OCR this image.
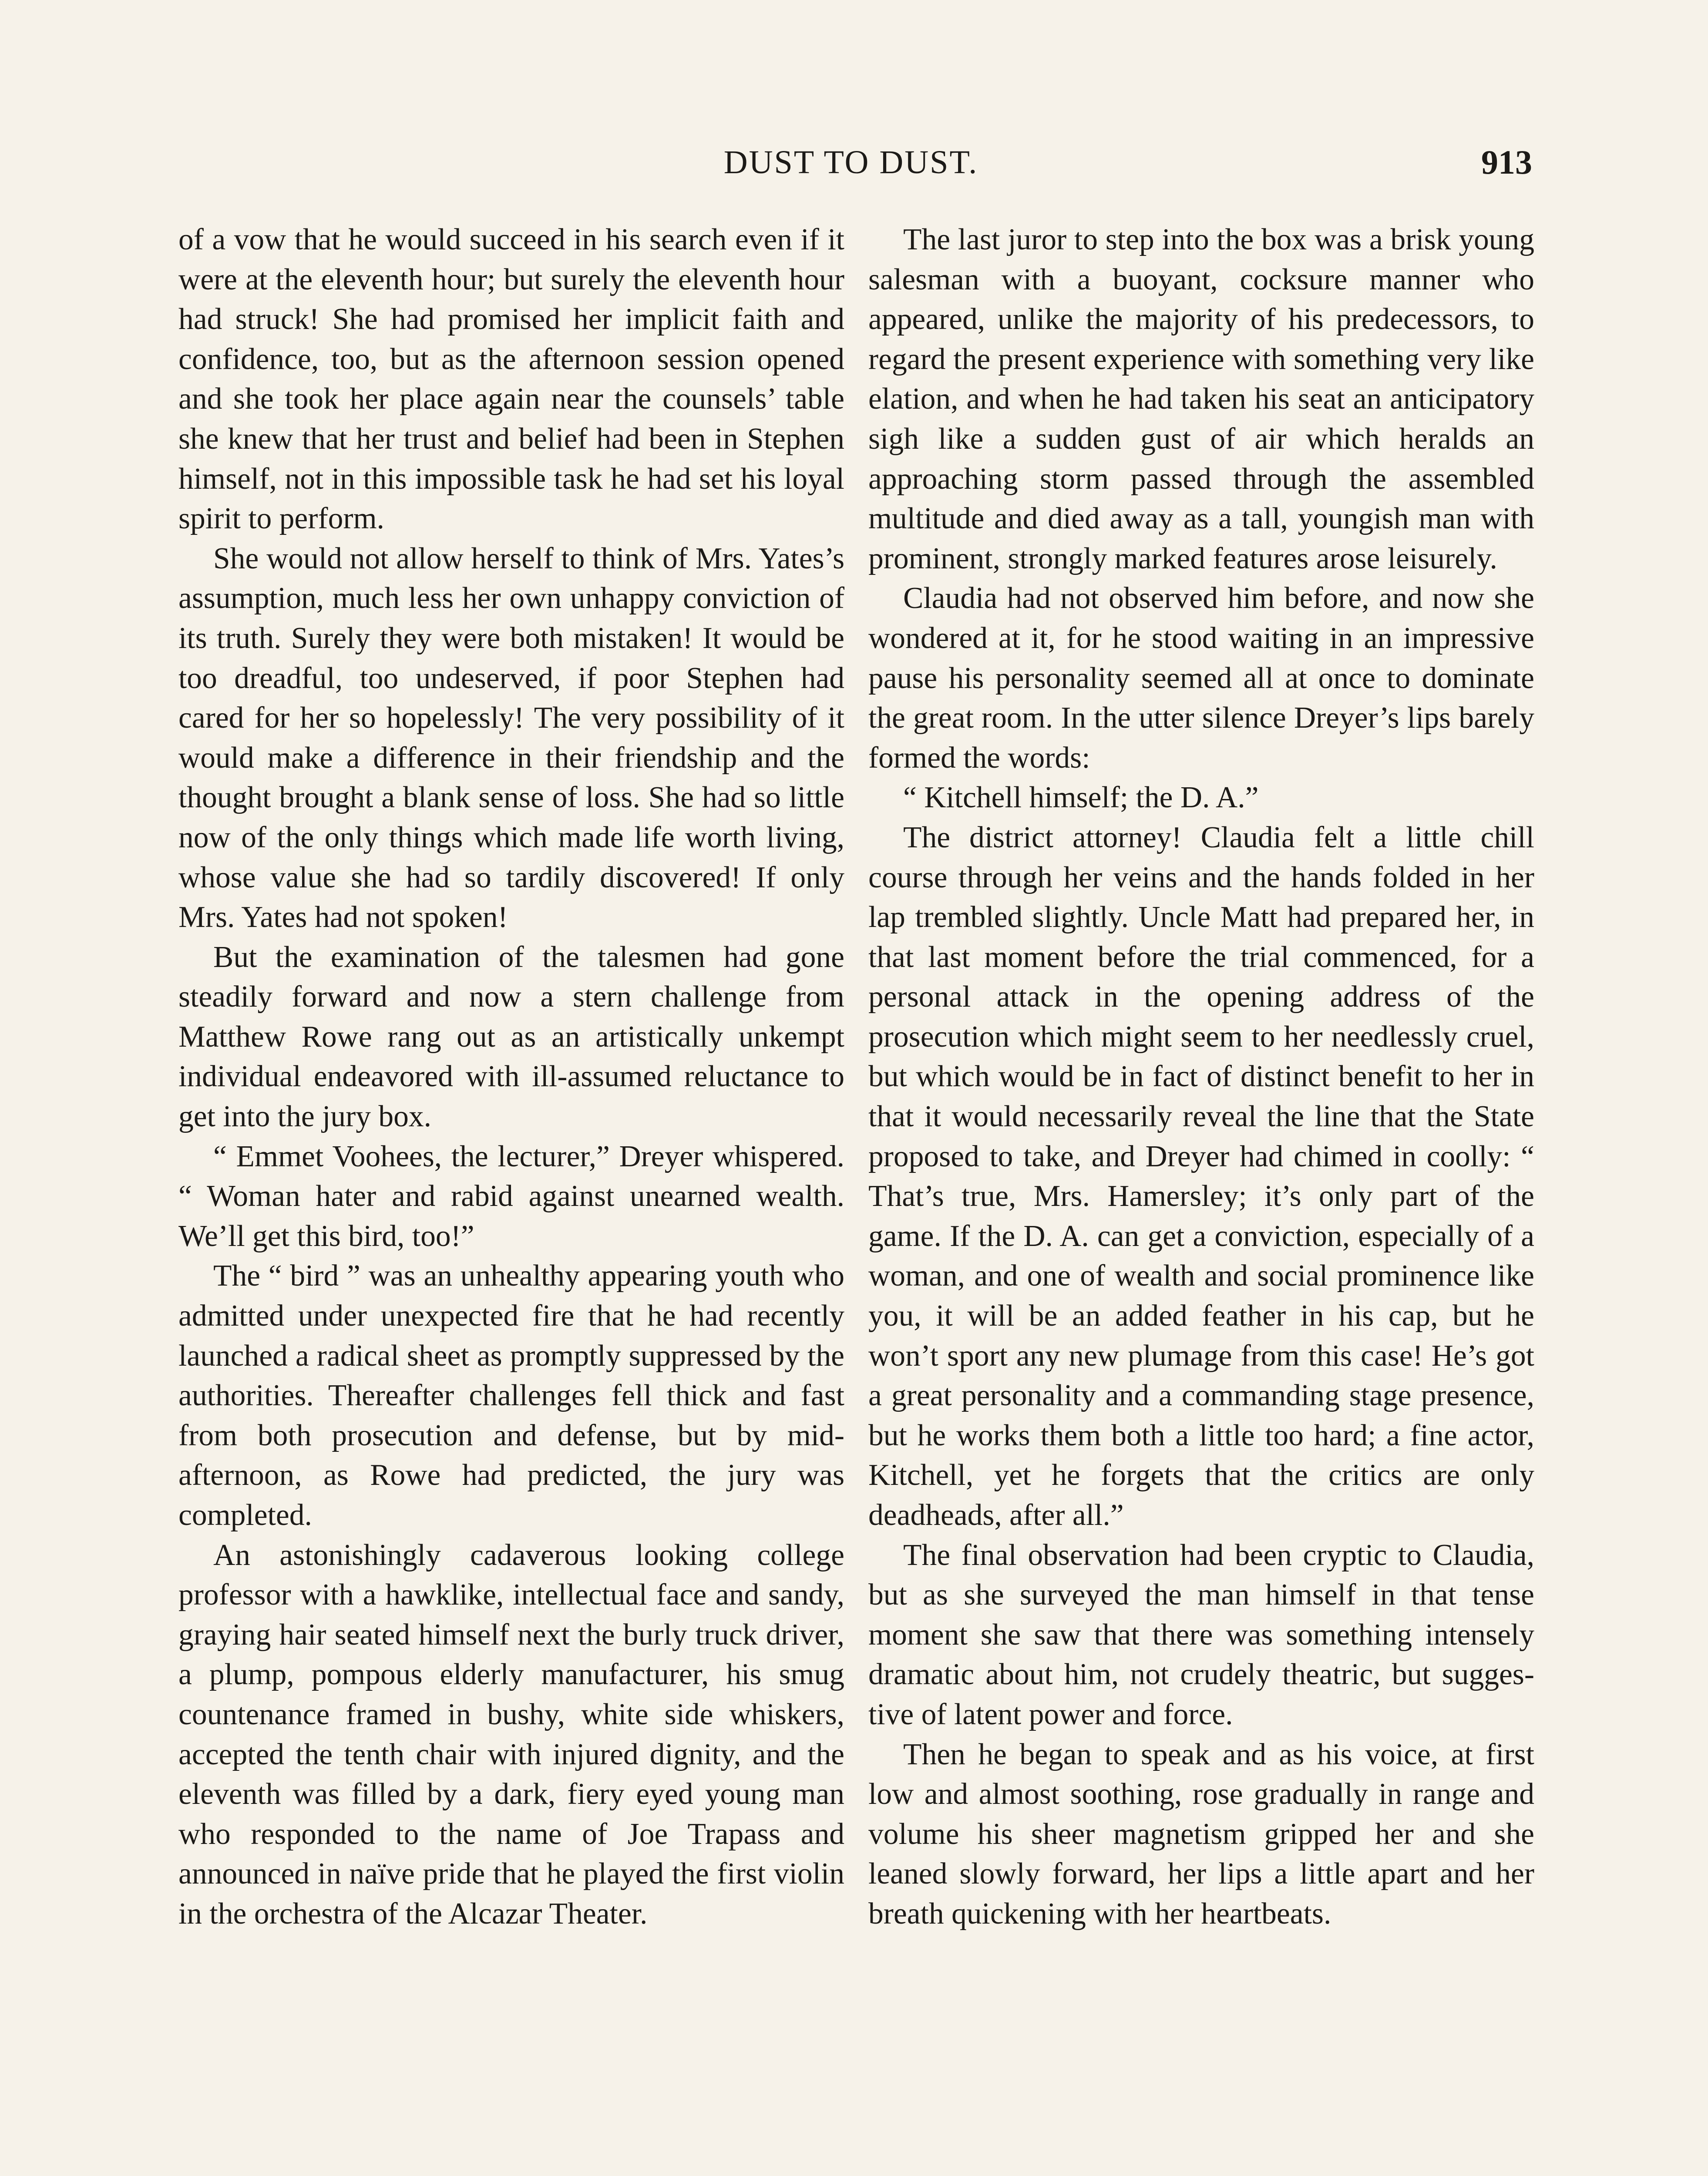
DUST TO DUST.	913

of a vow that he would succeed in his search even if it were at the eleventh hour; but surely the eleventh hour had struck! She had promised her implicit faith and confidence, too, but as the afternoon session opened and she took her place again near the counsels’ table she knew that her trust and belief had been in Stephen himself, not in this impossible task he had set his loyal spirit to perform.

She would not allow herself to think of Mrs. Yates’s assumption, much less her own unhappy conviction of its truth. Surely they were both mistaken! It would be too dreadful, too undeserved, if poor Stephen had cared for her so hopelessly! The very possibility of it would make a difference in their friendship and the thought brought a blank sense of loss. She had so little now of the only things which made life worth living, whose value she had so tardily discovered! If only Mrs. Yates had not spoken!

But the examination of the talesmen had gone steadily forward and now a stern challenge from Matthew Rowe rang out as an artistically unkempt individual endeavored with ill-assumed reluctance to get into the jury box.

“ Emmet Voohees, the lecturer,” Dreyer whispered. “ Woman hater and rabid against unearned wealth. We’ll get this bird, too!”

The “ bird ” was an unhealthy appearing youth who admitted under unexpected fire that he had recently launched a radical sheet as promptly suppressed by the authorities. Thereafter challenges fell thick and fast from both prosecution and defense, but by mid-afternoon, as Rowe had predicted, the jury was completed.

An astonishingly cadaverous looking college professor with a hawklike, intellectual face and sandy, graying hair seated himself next the burly truck driver, a plump, pompous elderly manufacturer, his smug countenance framed in bushy, white side whiskers, accepted the tenth chair with injured dignity, and the eleventh was filled by a dark, fiery eyed young man who responded to the name of Joe Trapass and announced in naïve pride that he played the first violin in the orchestra of the Alcazar Theater.

The last juror to step into the box was a brisk young salesman with a buoyant, cocksure manner who appeared, unlike the majority of his predecessors, to regard the present experience with something very like elation, and when he had taken his seat an anticipatory sigh like a sudden gust of air which heralds an approaching storm passed through the assembled multitude and died away as a tall, youngish man with prominent, strongly marked features arose leisurely.

Claudia had not observed him before, and now she wondered at it, for he stood waiting in an impressive pause his personality seemed all at once to dominate the great room. In the utter silence Dreyer’s lips barely formed the words:

“ Kitchell himself; the D. A.”

The district attorney! Claudia felt a little chill course through her veins and the hands folded in her lap trembled slightly. Uncle Matt had prepared her, in that last moment before the trial commenced, for a personal attack in the opening address of the prosecution which might seem to her needlessly cruel, but which would be in fact of distinct benefit to her in that it would necessarily reveal the line that the State proposed to take, and Dreyer had chimed in coolly: “ That’s true, Mrs. Hamersley; it’s only part of the game. If the D. A. can get a conviction, especially of a woman, and one of wealth and social prominence like you, it will be an added feather in his cap, but he won’t sport any new plumage from this case! He’s got a great personality and a commanding stage presence, but he works them both a little too hard; a fine actor, Kitchell, yet he forgets that the critics are only deadheads, after all.”

The final observation had been cryptic to Claudia, but as she surveyed the man himself in that tense moment she saw that there was something intensely dramatic about him, not crudely theatric, but suggestive of latent power and force.

Then he began to speak and as his voice, at first low and almost soothing, rose gradually in range and volume his sheer magnetism gripped her and she leaned slowly forward, her lips a little apart and her breath quickening with her heartbeats.
